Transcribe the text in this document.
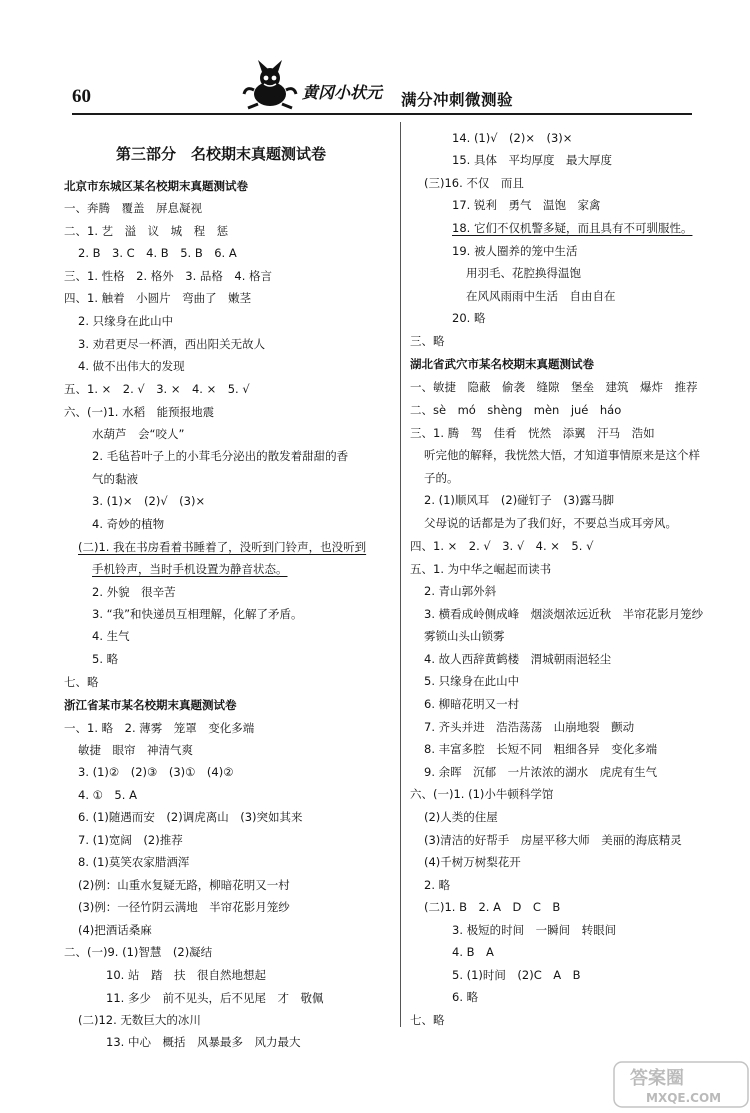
60	黄冈小状元 满分冲刺微测验
第三部分　名校期末真题测试卷
北京市东城区某名校期末真题测试卷
一、奔腾　覆盖　屏息凝视
二、1. 艺　溢　议　城　程　惩
2. B　3. C　4. B　5. B　6. A
三、1. 性格　2. 格外　3. 品格　4. 格言
四、1. 触着　小圆片　弯曲了　嫩茎
2. 只缘身在此山中
3. 劝君更尽一杯酒，西出阳关无故人
4. 做不出伟大的发现
五、1. ×　2. √　3. ×　4. ×　5. √
六、(一)1. 水稻　能预报地震
水葫芦　会“咬人”
2. 毛毡苔叶子上的小茸毛分泌出的散发着甜甜的香
气的黏液
3. (1)×　(2)√　(3)×
4. 奇妙的植物
(二)1. 我在书房看着书睡着了，没听到门铃声，也没听到
手机铃声，当时手机设置为静音状态。
2. 外貌　很辛苦
3. “我”和快递员互相理解，化解了矛盾。
4. 生气
5. 略
七、略
浙江省某市某名校期末真题测试卷
一、1. 略　2. 薄雾　笼罩　变化多端
敏捷　眼帘　神清气爽
3. (1)②　(2)③　(3)①　(4)②
4. ①　5. A
6. (1)随遇而安　(2)调虎离山　(3)突如其来
7. (1)宽阔　(2)推荐
8. (1)莫笑农家腊酒浑
(2)例：山重水复疑无路，柳暗花明又一村
(3)例：一径竹阴云满地　半帘花影月笼纱
(4)把酒话桑麻
二、(一)9. (1)智慧　(2)凝结
10. 站　踏　扶　很自然地想起
11. 多少　前不见头，后不见尾　才　敬佩
(二)12. 无数巨大的冰川
13. 中心　概括　风暴最多　风力最大
14. (1)√　(2)×　(3)×
15. 具体　平均厚度　最大厚度
(三)16. 不仅　而且
17. 锐利　勇气　温饱　家禽
18. 它们不仅机警多疑，而且具有不可驯服性。
19. 被人圈养的笼中生活
用羽毛、花腔换得温饱
在风风雨雨中生活　自由自在
20. 略
三、略
湖北省武穴市某名校期末真题测试卷
一、敏捷　隐蔽　偷袭　缝隙　堡垒　建筑　爆炸　推荐
二、sè　mó　shèng　mèn　jué　háo
三、1. 腾　驾　佳肴　恍然　添翼　汗马　浩如
听完他的解释，我恍然大悟，才知道事情原来是这个样
子的。
2. (1)顺风耳　(2)碰钉子　(3)露马脚
父母说的话都是为了我们好，不要总当成耳旁风。
四、1. ×　2. √　3. √　4. ×　5. √
五、1. 为中华之崛起而读书
2. 青山郭外斜
3. 横看成岭侧成峰　烟淡烟浓远近秋　半帘花影月笼纱
雾锁山头山锁雾
4. 故人西辞黄鹤楼　渭城朝雨浥轻尘
5. 只缘身在此山中
6. 柳暗花明又一村
7. 齐头并进　浩浩荡荡　山崩地裂　颤动
8. 丰富多腔　长短不同　粗细各异　变化多端
9. 余晖　沉郁　一片浓浓的湖水　虎虎有生气
六、(一)1. (1)小牛顿科学馆
(2)人类的住屋
(3)清洁的好帮手　房屋平移大师　美丽的海底精灵
(4)千树万树梨花开
2. 略
(二)1. B　2. A　D　C　B
3. 极短的时间　一瞬间　转眼间
4. B　A
5. (1)时间　(2)C　A　B
6. 略
七、略
答案圈
MXQE.COM
